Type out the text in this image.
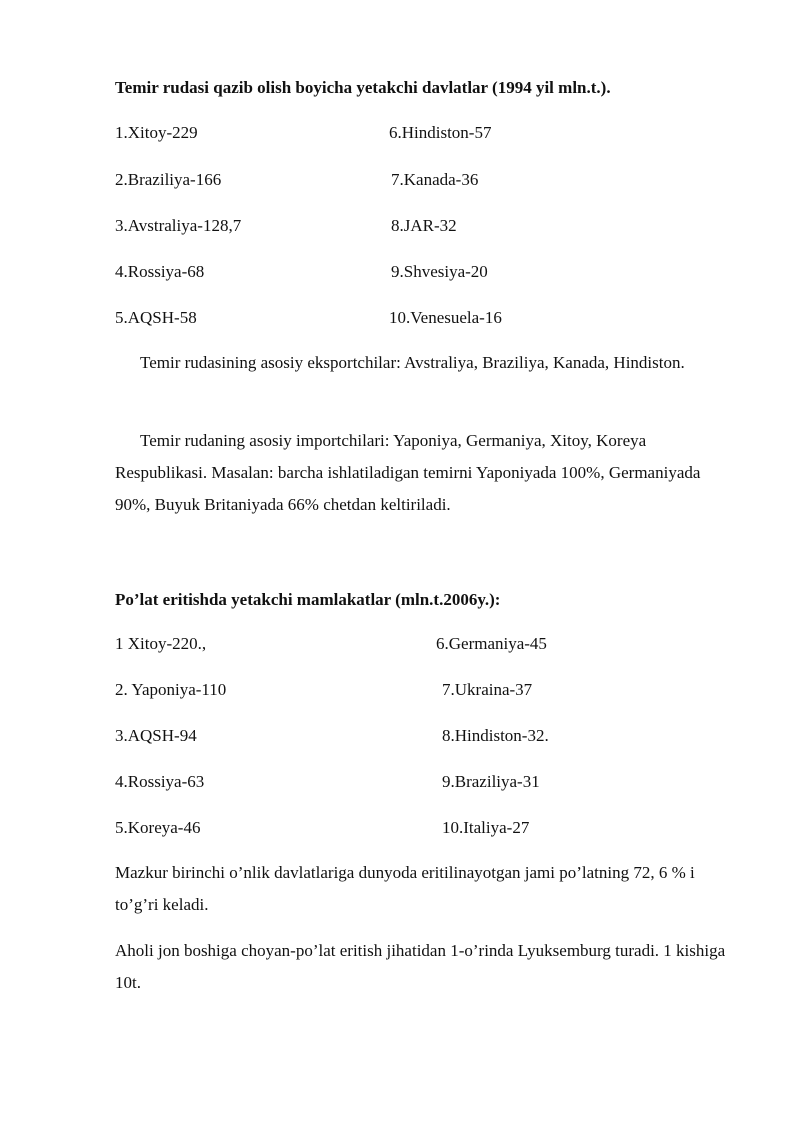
Temir rudasi qazib olish boyicha yetakchi davlatlar (1994 yil mln.t.).
1.Xitoy-229	6.Hindiston-57
2.Braziliya-166	7.Kanada-36
3.Avstraliya-128,7	8.JAR-32
4.Rossiya-68	9.Shvesiya-20
5.AQSH-58	10.Venesuela-16

Temir rudasining asosiy eksportchilar: Avstraliya, Braziliya, Kanada, Hindiston.

Temir rudaning asosiy importchilari: Yaponiya, Germaniya, Xitoy, Koreya Respublikasi. Masalan: barcha ishlatiladigan temirni Yaponiyada 100%, Germaniyada 90%, Buyuk Britaniyada 66% chetdan keltiriladi.

Po’lat eritishda yetakchi mamlakatlar (mln.t.2006y.):
1 Xitoy-220.,	6.Germaniya-45
2. Yaponiya-110	7.Ukraina-37
3.AQSH-94	8.Hindiston-32.
4.Rossiya-63	9.Braziliya-31
5.Koreya-46	10.Italiya-27

Mazkur birinchi o’nlik davlatlariga dunyoda eritilinayotgan jami po’latning 72, 6 % i to’g’ri keladi.

Aholi jon boshiga choyan-po’lat eritish jihatidan 1-o’rinda Lyuksemburg turadi. 1 kishiga 10t.
